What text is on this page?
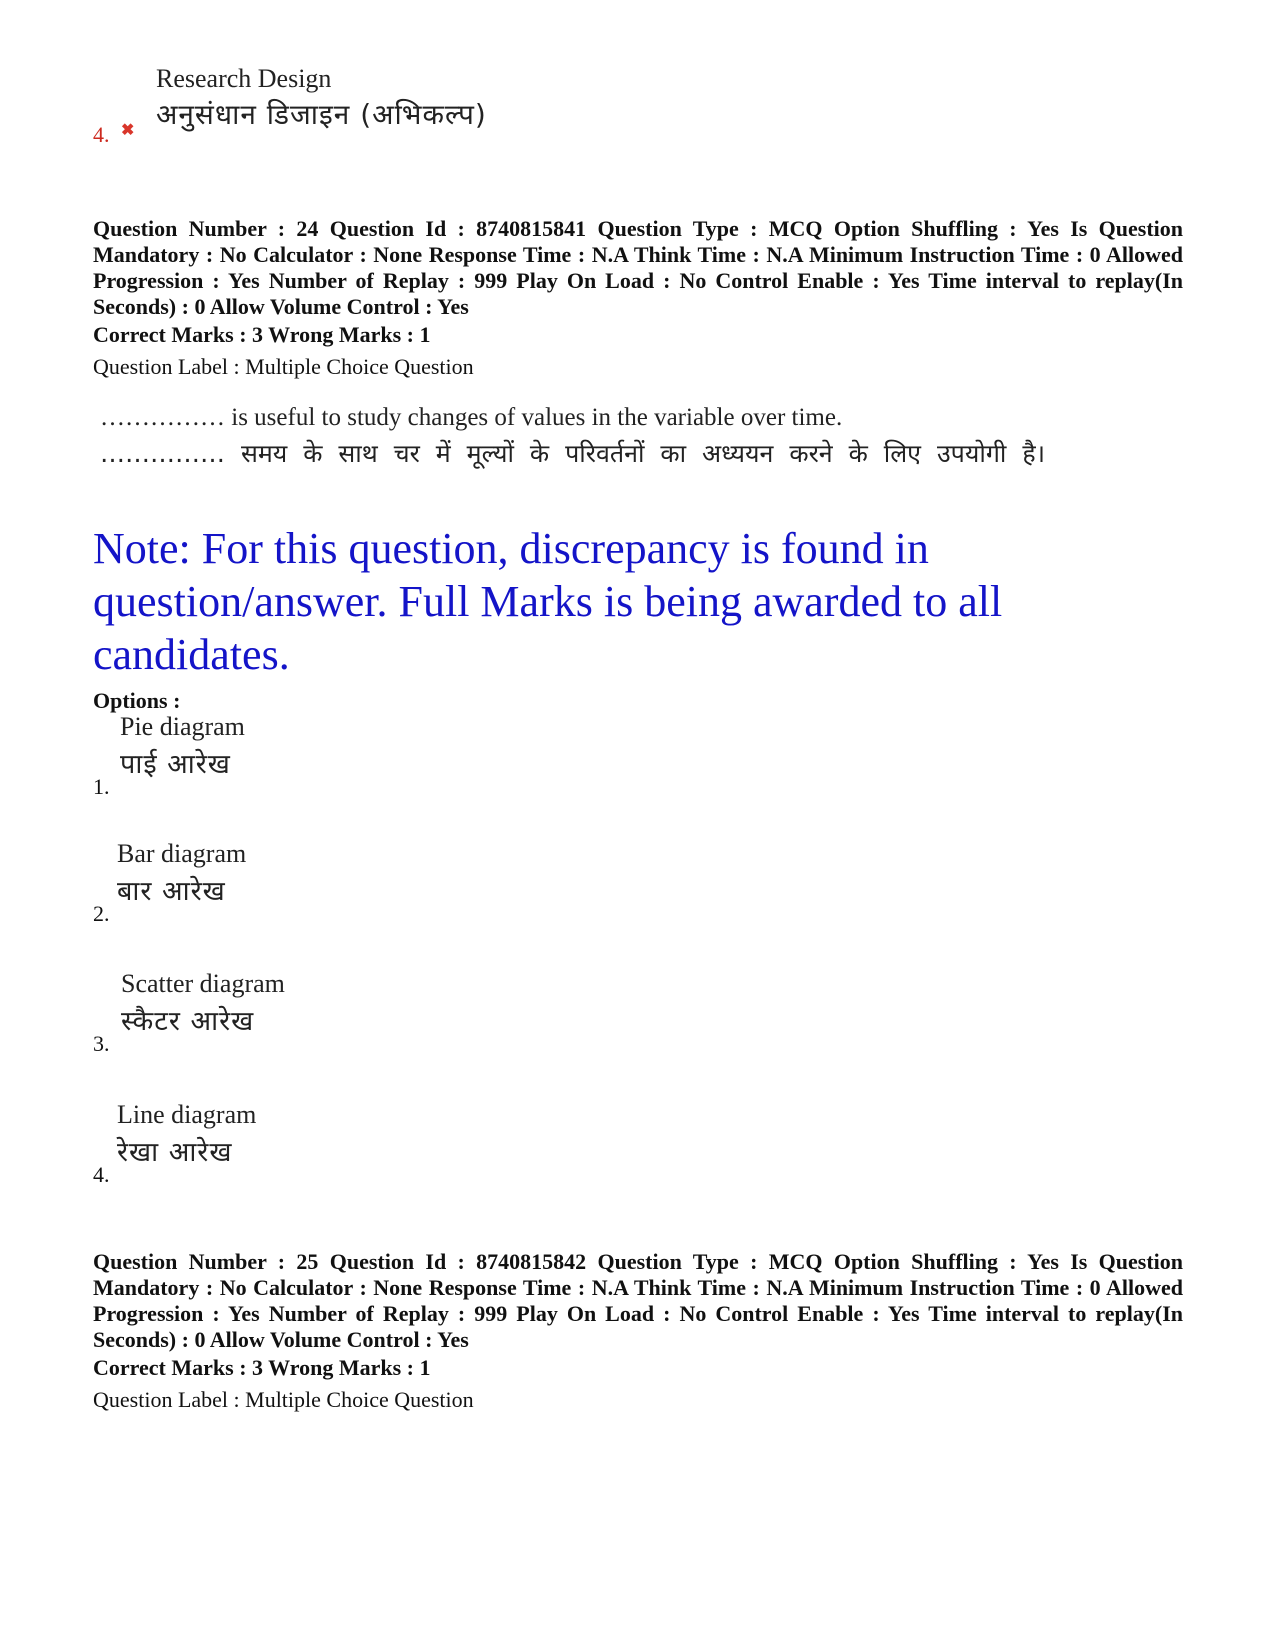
4. ✖
Research Design
अनुसंधान डिजाइन (अभिकल्प)
Question Number : 24 Question Id : 8740815841 Question Type : MCQ Option Shuffling : Yes Is Question Mandatory : No Calculator : None Response Time : N.A Think Time : N.A Minimum Instruction Time : 0 Allowed Progression : Yes Number of Replay : 999 Play On Load : No Control Enable : Yes Time interval to replay(In Seconds) : 0 Allow Volume Control : Yes
Correct Marks : 3 Wrong Marks : 1
Question Label : Multiple Choice Question
…………… is useful to study changes of values in the variable over time.
…………… समय के साथ चर में मूल्यों के परिवर्तनों का अध्ययन करने के लिए उपयोगी है।
Note: For this question, discrepancy is found in question/answer. Full Marks is being awarded to all candidates.
Options :
Pie diagram
पाई आरेख
1.
Bar diagram
बार आरेख
2.
Scatter diagram
स्कैटर आरेख
3.
Line diagram
रेखा आरेख
4.
Question Number : 25 Question Id : 8740815842 Question Type : MCQ Option Shuffling : Yes Is Question Mandatory : No Calculator : None Response Time : N.A Think Time : N.A Minimum Instruction Time : 0 Allowed Progression : Yes Number of Replay : 999 Play On Load : No Control Enable : Yes Time interval to replay(In Seconds) : 0 Allow Volume Control : Yes
Correct Marks : 3 Wrong Marks : 1
Question Label : Multiple Choice Question
